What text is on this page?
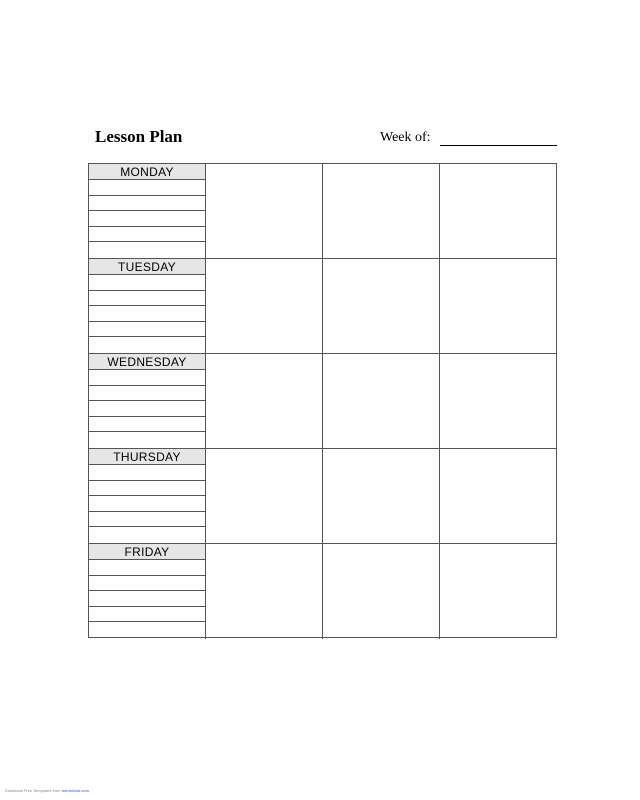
Lesson Plan	Week of:
MONDAY
TUESDAY
WEDNESDAY
THURSDAY
FRIDAY
Download Free Templates from formsbirds.com
